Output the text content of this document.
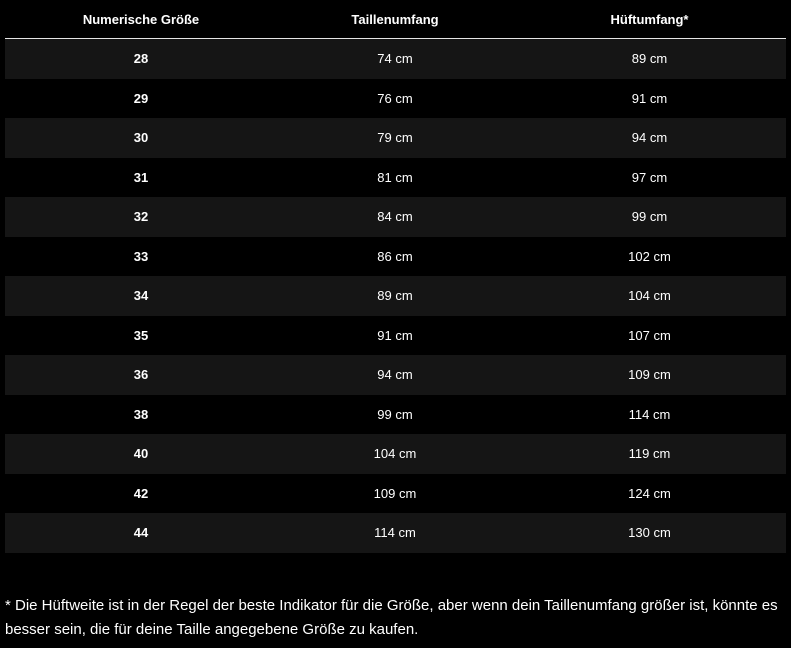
Numerische Größe	Taillenumfang	Hüftumfang*
28	74 cm	89 cm
29	76 cm	91 cm
30	79 cm	94 cm
31	81 cm	97 cm
32	84 cm	99 cm
33	86 cm	102 cm
34	89 cm	104 cm
35	91 cm	107 cm
36	94 cm	109 cm
38	99 cm	114 cm
40	104 cm	119 cm
42	109 cm	124 cm
44	114 cm	130 cm
* Die Hüftweite ist in der Regel der beste Indikator für die Größe, aber wenn dein Taillenumfang größer ist, könnte es besser sein, die für deine Taille angegebene Größe zu kaufen.
